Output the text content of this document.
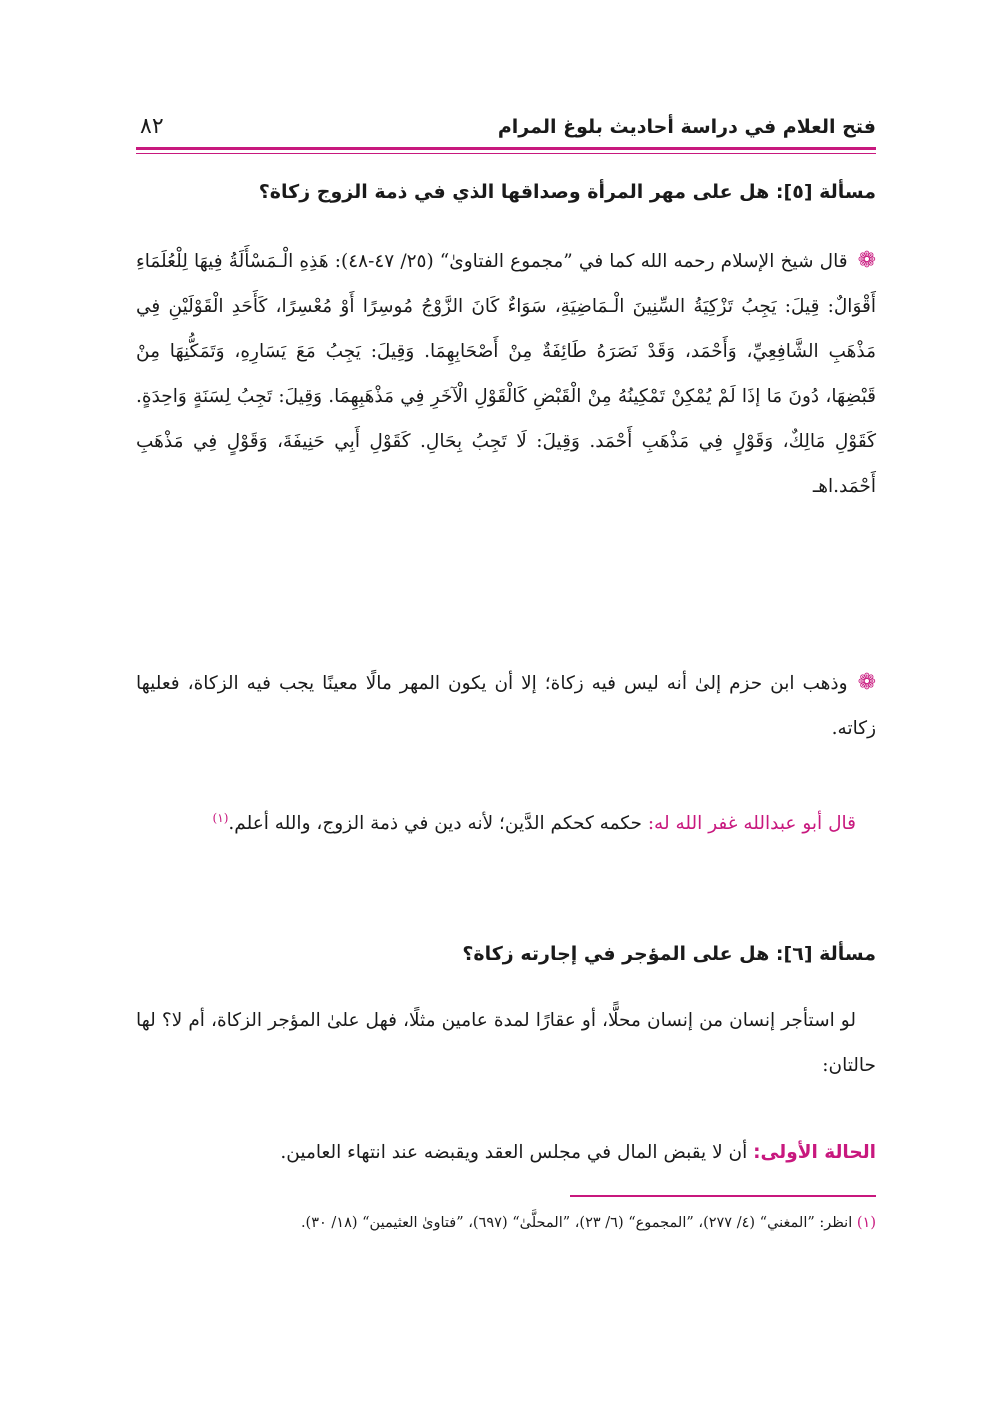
فتح العلام في دراسة أحاديث بلوغ المرام
٨٢
مسألة [٥]: هل على مهر المرأة وصداقها الذي في ذمة الزوج زكاة؟
❁قال شيخ الإسلام رحمه الله كما في ”مجموع الفتاوىٰ“ (٢٥/ ٤٧-٤٨): هَذِهِ الْـمَسْأَلَةُ فِيهَا لِلْعُلَمَاءِ أَقْوَالٌ: قِيلَ: يَجِبُ تَزْكِيَةُ السِّنِينَ الْـمَاضِيَةِ، سَوَاءٌ كَانَ الزَّوْجُ مُوسِرًا أَوْ مُعْسِرًا، كَأَحَدِ الْقَوْلَيْنِ فِي مَذْهَبِ الشَّافِعِيِّ، وَأَحْمَد، وَقَدْ نَصَرَهُ طَائِفَةٌ مِنْ أَصْحَابِهِمَا. وَقِيلَ: يَجِبُ مَعَ يَسَارِهِ، وَتَمَكُّنِهَا مِنْ قَبْضِهَا، دُونَ مَا إذَا لَمْ يُمْكِنْ تَمْكِينُهُ مِنْ الْقَبْضِ كَالْقَوْلِ الْآخَرِ فِي مَذْهَبِهِمَا. وَقِيلَ: تَجِبُ لِسَنَةٍ وَاحِدَةٍ. كَقَوْلِ مَالِكٌ، وَقَوْلٍ فِي مَذْهَبِ أَحْمَد. وَقِيلَ: لَا تَجِبُ بِحَالِ. كَقَوْلِ أَبِي حَنِيفَةَ، وَقَوْلٍ فِي مَذْهَبِ أَحْمَد.اهـ
❁وذهب ابن حزم إلىٰ أنه ليس فيه زكاة؛ إلا أن يكون المهر مالًا معينًا يجب فيه الزكاة، فعليها زكاته.
قال أبو عبدالله غفر الله له: حكمه كحكم الدَّين؛ لأنه دين في ذمة الزوج، والله أعلم.$^{(١)}$
مسألة [٦]: هل على المؤجر في إجارته زكاة؟
لو استأجر إنسان من إنسان محلًّا، أو عقارًا لمدة عامين مثلًا، فهل علىٰ المؤجر الزكاة، أم لا؟ لها حالتان:
الحالة الأولى: أن لا يقبض المال في مجلس العقد ويقبضه عند انتهاء العامين.
(١) انظر: ”المغني“ (٤/ ٢٧٧)، ”المجموع“ (٦/ ٢٣)، ”المحلَّىٰ“ (٦٩٧)، ”فتاوىٰ العثيمين“ (١٨/ ٣٠).
